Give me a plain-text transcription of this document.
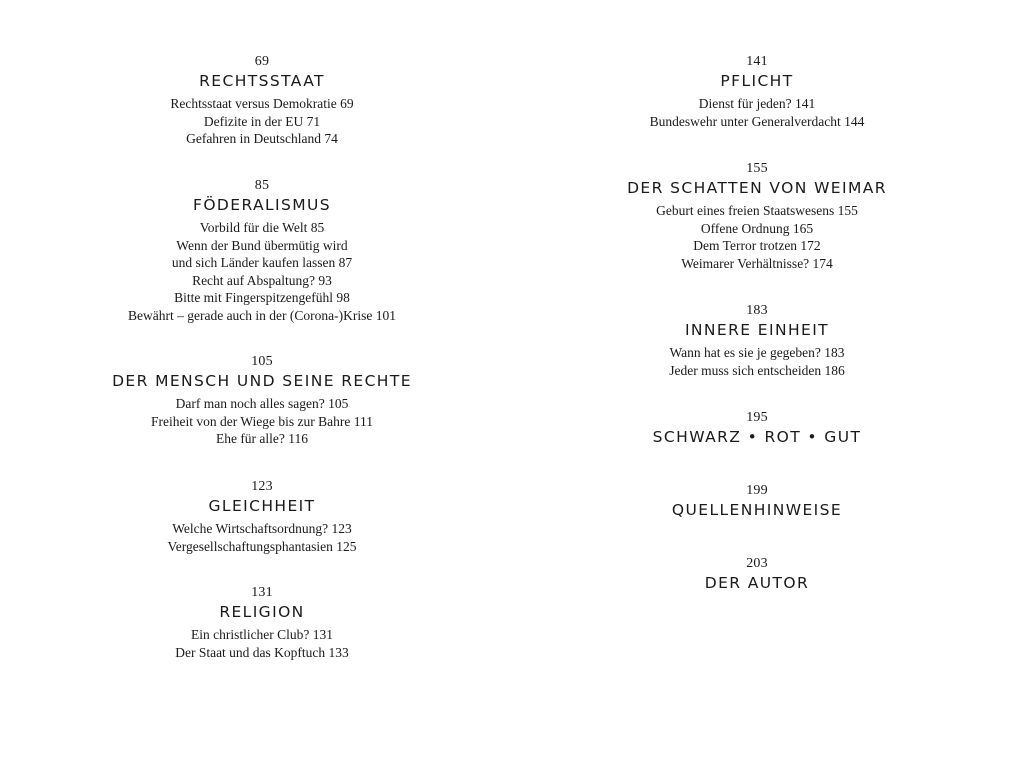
69
RECHTSSTAAT
Rechtsstaat versus Demokratie 69
Defizite in der EU 71
Gefahren in Deutschland 74
85
FÖDERALISMUS
Vorbild für die Welt 85
Wenn der Bund übermütig wird
und sich Länder kaufen lassen 87
Recht auf Abspaltung? 93
Bitte mit Fingerspitzengefühl 98
Bewährt – gerade auch in der (Corona-)Krise 101
105
DER MENSCH UND SEINE RECHTE
Darf man noch alles sagen? 105
Freiheit von der Wiege bis zur Bahre 111
Ehe für alle? 116
123
GLEICHHEIT
Welche Wirtschaftsordnung? 123
Vergesellschaftungsphantasien 125
131
RELIGION
Ein christlicher Club? 131
Der Staat und das Kopftuch 133
141
PFLICHT
Dienst für jeden? 141
Bundeswehr unter Generalverdacht 144
155
DER SCHATTEN VON WEIMAR
Geburt eines freien Staatswesens 155
Offene Ordnung 165
Dem Terror trotzen 172
Weimarer Verhältnisse? 174
183
INNERE EINHEIT
Wann hat es sie je gegeben? 183
Jeder muss sich entscheiden 186
195
SCHWARZ • ROT • GUT
199
QUELLENHINWEISE
203
DER AUTOR
